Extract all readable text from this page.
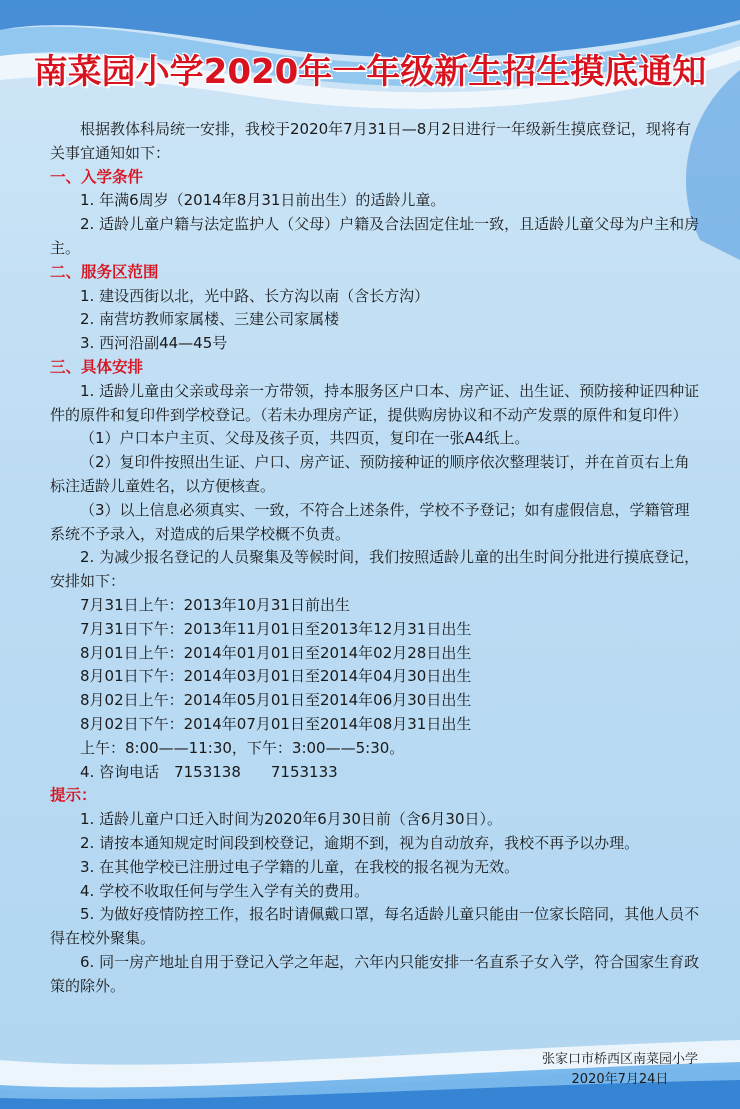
南菜园小学2020年一年级新生招生摸底通知

根据教体科局统一安排，我校于2020年7月31日—8月2日进行一年级新生摸底登记，现将有关事宜通知如下：

一、入学条件

1. 年满6周岁（2014年8月31日前出生）的适龄儿童。

2. 适龄儿童户籍与法定监护人（父母）户籍及合法固定住址一致，且适龄儿童父母为户主和房主。

二、服务区范围

1. 建设西街以北，光中路、长方沟以南（含长方沟）

2. 南营坊教师家属楼、三建公司家属楼

3. 西河沿副44—45号

三、具体安排

1. 适龄儿童由父亲或母亲一方带领，持本服务区户口本、房产证、出生证、预防接种证四种证件的原件和复印件到学校登记。（若未办理房产证，提供购房协议和不动产发票的原件和复印件）

（1）户口本户主页、父母及孩子页，共四页，复印在一张A4纸上。

（2）复印件按照出生证、户口、房产证、预防接种证的顺序依次整理装订，并在首页右上角标注适龄儿童姓名，以方便核查。

（3）以上信息必须真实、一致，不符合上述条件，学校不予登记；如有虚假信息，学籍管理系统不予录入，对造成的后果学校概不负责。

2. 为减少报名登记的人员聚集及等候时间，我们按照适龄儿童的出生时间分批进行摸底登记，安排如下：

7月31日上午：2013年10月31日前出生

7月31日下午：2013年11月01日至2013年12月31日出生

8月01日上午：2014年01月01日至2014年02月28日出生

8月01日下午：2014年03月01日至2014年04月30日出生

8月02日上午：2014年05月01日至2014年06月30日出生

8月02日下午：2014年07月01日至2014年08月31日出生

上午：8:00——11:30，下午：3:00——5:30。

4. 咨询电话　7153138　　7153133

提示：

1. 适龄儿童户口迁入时间为2020年6月30日前（含6月30日）。

2. 请按本通知规定时间段到校登记，逾期不到，视为自动放弃，我校不再予以办理。

3. 在其他学校已注册过电子学籍的儿童，在我校的报名视为无效。

4. 学校不收取任何与学生入学有关的费用。

5. 为做好疫情防控工作，报名时请佩戴口罩，每名适龄儿童只能由一位家长陪同，其他人员不得在校外聚集。

6. 同一房产地址自用于登记入学之年起，六年内只能安排一名直系子女入学，符合国家生育政策的除外。

张家口市桥西区南菜园小学
2020年7月24日
